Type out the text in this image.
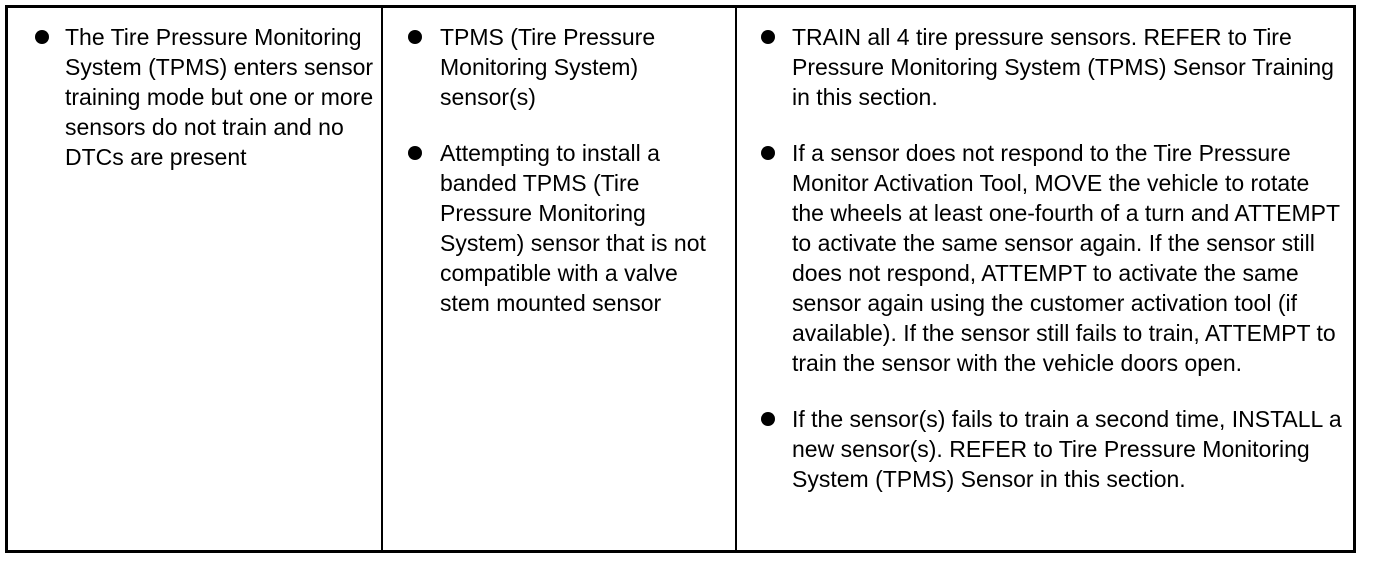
The Tire Pressure Monitoring System (TPMS) enters sensor training mode but one or more sensors do not train and no DTCs are present
TPMS (Tire Pressure Monitoring System) sensor(s)
Attempting to install a banded TPMS (Tire Pressure Monitoring System) sensor that is not compatible with a valve stem mounted sensor
TRAIN all 4 tire pressure sensors. REFER to Tire Pressure Monitoring System (TPMS) Sensor Training in this section.
If a sensor does not respond to the Tire Pressure Monitor Activation Tool, MOVE the vehicle to rotate the wheels at least one-fourth of a turn and ATTEMPT to activate the same sensor again. If the sensor still does not respond, ATTEMPT to activate the same sensor again using the customer activation tool (if available). If the sensor still fails to train, ATTEMPT to train the sensor with the vehicle doors open.
If the sensor(s) fails to train a second time, INSTALL a new sensor(s). REFER to Tire Pressure Monitoring System (TPMS) Sensor in this section.
